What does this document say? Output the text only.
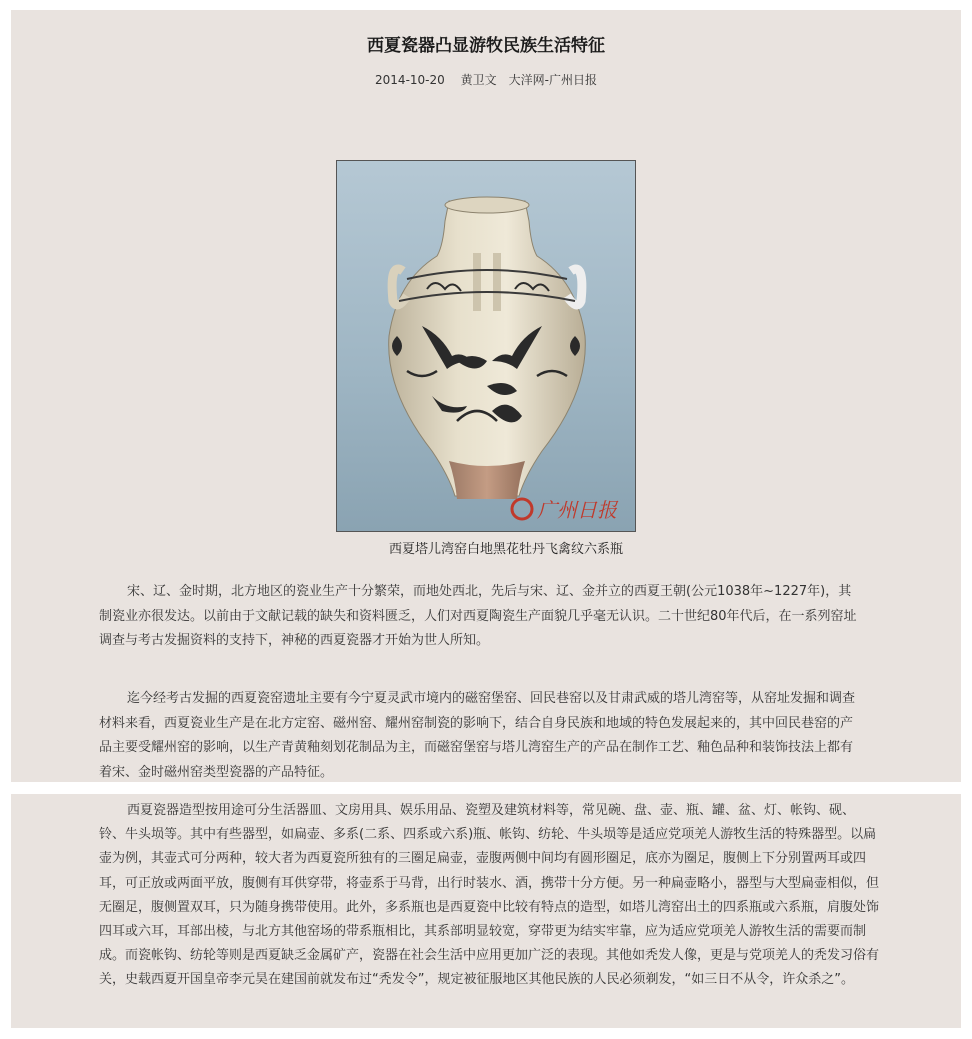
西夏瓷器凸显游牧民族生活特征
2014-10-20 黄卫文 大洋网-广州日报
广州日报
西夏塔儿湾窑白地黑花牡丹飞禽纹六系瓶

宋、辽、金时期，北方地区的瓷业生产十分繁荣，而地处西北，先后与宋、辽、金并立的西夏王朝(公元1038年~1227年)，其制瓷业亦很发达。以前由于文献记载的缺失和资料匮乏，人们对西夏陶瓷生产面貌几乎毫无认识。二十世纪80年代后，在一系列窑址调查与考古发掘资料的支持下，神秘的西夏瓷器才开始为世人所知。

迄今经考古发掘的西夏瓷窑遗址主要有今宁夏灵武市境内的磁窑堡窑、回民巷窑以及甘肃武威的塔儿湾窑等，从窑址发掘和调查材料来看，西夏瓷业生产是在北方定窑、磁州窑、耀州窑制瓷的影响下，结合自身民族和地域的特色发展起来的，其中回民巷窑的产品主要受耀州窑的影响，以生产青黄釉刻划花制品为主，而磁窑堡窑与塔儿湾窑生产的产品在制作工艺、釉色品种和装饰技法上都有着宋、金时磁州窑类型瓷器的产品特征。

西夏瓷器造型按用途可分生活器皿、文房用具、娱乐用品、瓷塑及建筑材料等，常见碗、盘、壶、瓶、罐、盆、灯、帐钩、砚、铃、牛头埙等。其中有些器型，如扁壶、多系(二系、四系或六系)瓶、帐钩、纺轮、牛头埙等是适应党项羌人游牧生活的特殊器型。以扁壶为例，其壶式可分两种，较大者为西夏瓷所独有的三圈足扁壶，壶腹两侧中间均有圆形圈足，底亦为圈足，腹侧上下分别置两耳或四耳，可正放或两面平放，腹侧有耳供穿带，将壶系于马背，出行时装水、酒，携带十分方便。另一种扁壶略小，器型与大型扁壶相似，但无圈足，腹侧置双耳，只为随身携带使用。此外，多系瓶也是西夏瓷中比较有特点的造型，如塔儿湾窑出土的四系瓶或六系瓶，肩腹处饰四耳或六耳，耳部出棱，与北方其他窑场的带系瓶相比，其系部明显较宽，穿带更为结实牢靠，应为适应党项羌人游牧生活的需要而制成。而瓷帐钩、纺轮等则是西夏缺乏金属矿产，瓷器在社会生活中应用更加广泛的表现。其他如秃发人像，更是与党项羌人的秃发习俗有关，史载西夏开国皇帝李元昊在建国前就发布过“秃发令”，规定被征服地区其他民族的人民必须剃发，“如三日不从令，许众杀之”。
